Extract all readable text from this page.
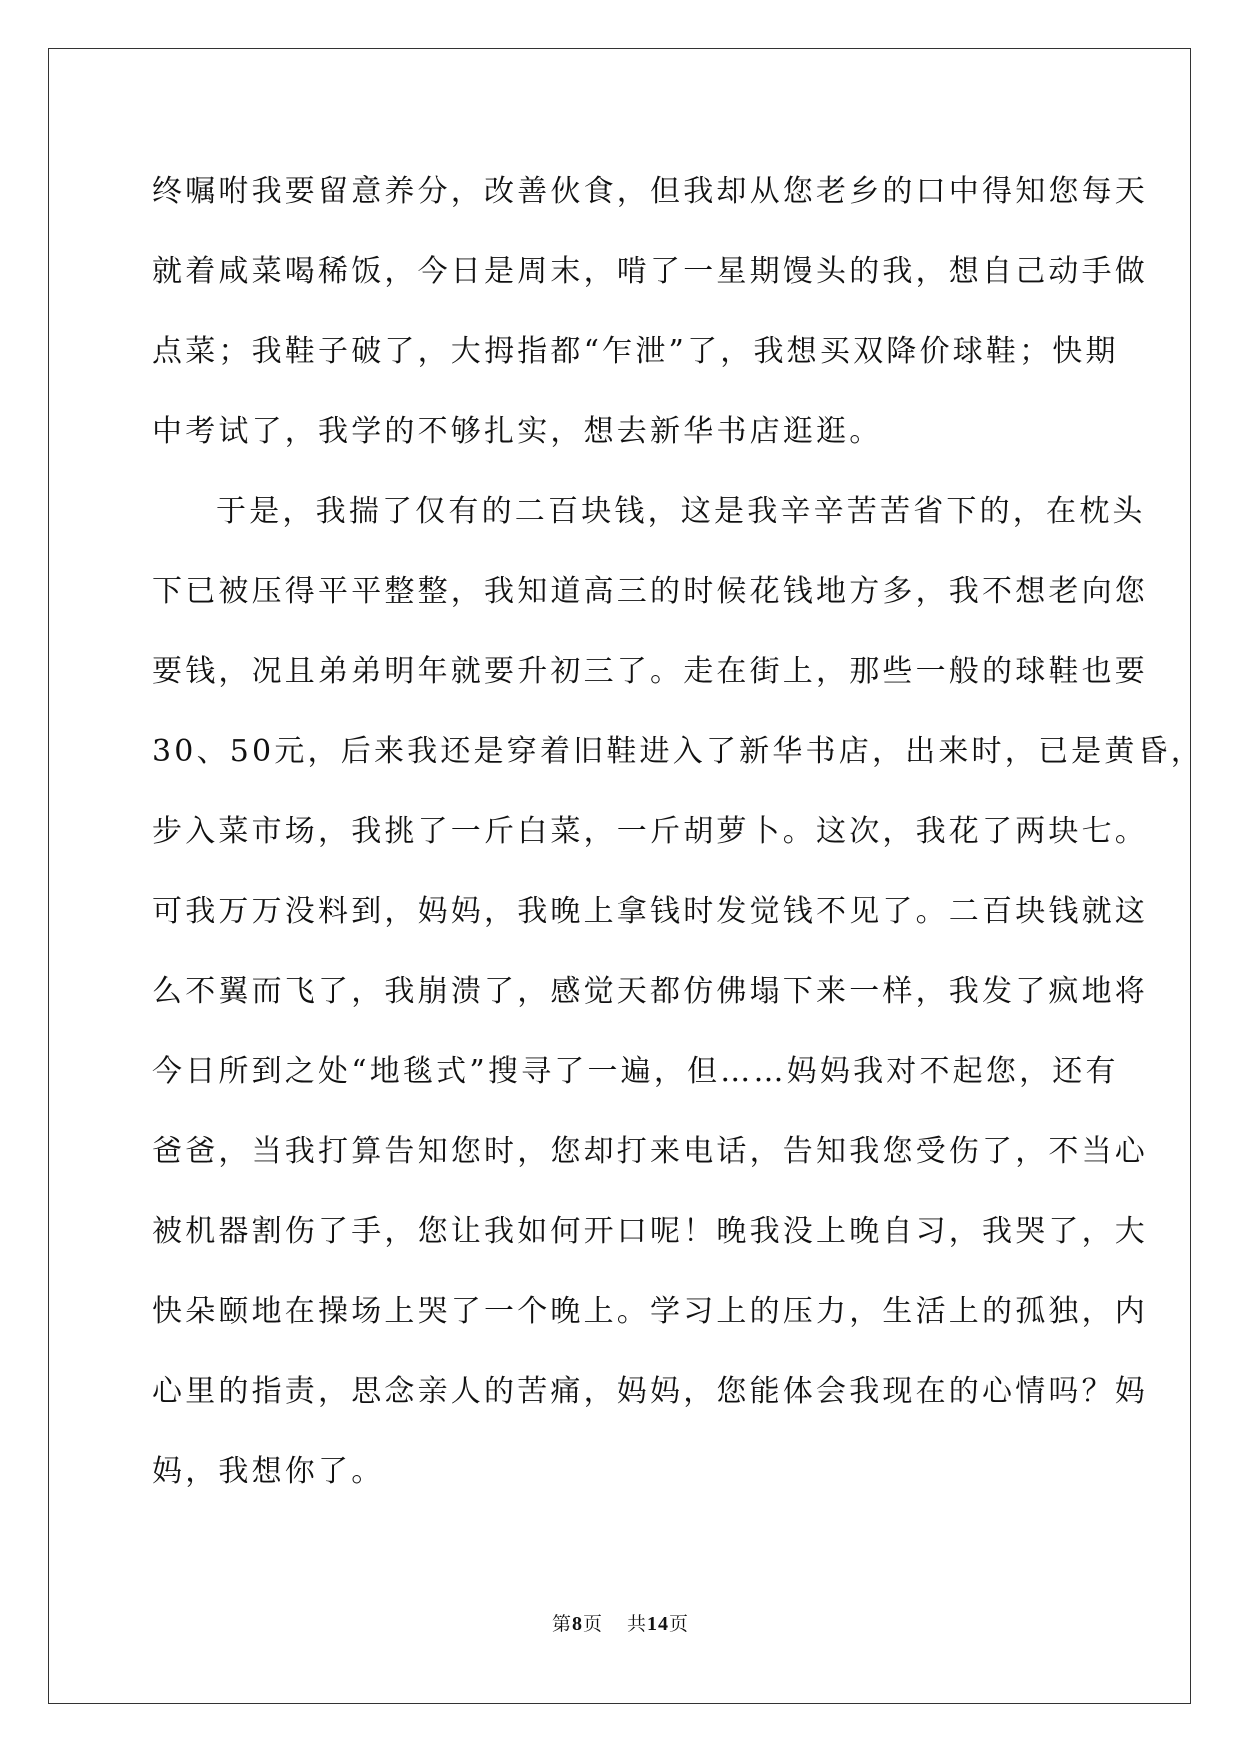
终嘱咐我要留意养分，改善伙食，但我却从您老乡的口中得知您每天
就着咸菜喝稀饭，今日是周末，啃了一星期馒头的我，想自己动手做
点菜；我鞋子破了，大拇指都“乍泄”了，我想买双降价球鞋；快期
中考试了，我学的不够扎实，想去新华书店逛逛。
于是，我揣了仅有的二百块钱，这是我辛辛苦苦省下的，在枕头
下已被压得平平整整，我知道高三的时候花钱地方多，我不想老向您
要钱，况且弟弟明年就要升初三了。走在街上，那些一般的球鞋也要
30、50元，后来我还是穿着旧鞋进入了新华书店，出来时，已是黄昏，
步入菜市场，我挑了一斤白菜，一斤胡萝卜。这次，我花了两块七。
可我万万没料到，妈妈，我晚上拿钱时发觉钱不见了。二百块钱就这
么不翼而飞了，我崩溃了，感觉天都仿佛塌下来一样，我发了疯地将
今日所到之处“地毯式”搜寻了一遍，但……妈妈我对不起您，还有
爸爸，当我打算告知您时，您却打来电话，告知我您受伤了，不当心
被机器割伤了手，您让我如何开口呢！晚我没上晚自习，我哭了，大
快朵颐地在操场上哭了一个晚上。学习上的压力，生活上的孤独，内
心里的指责，思念亲人的苦痛，妈妈，您能体会我现在的心情吗？妈
妈，我想你了。
第8页 共14页
